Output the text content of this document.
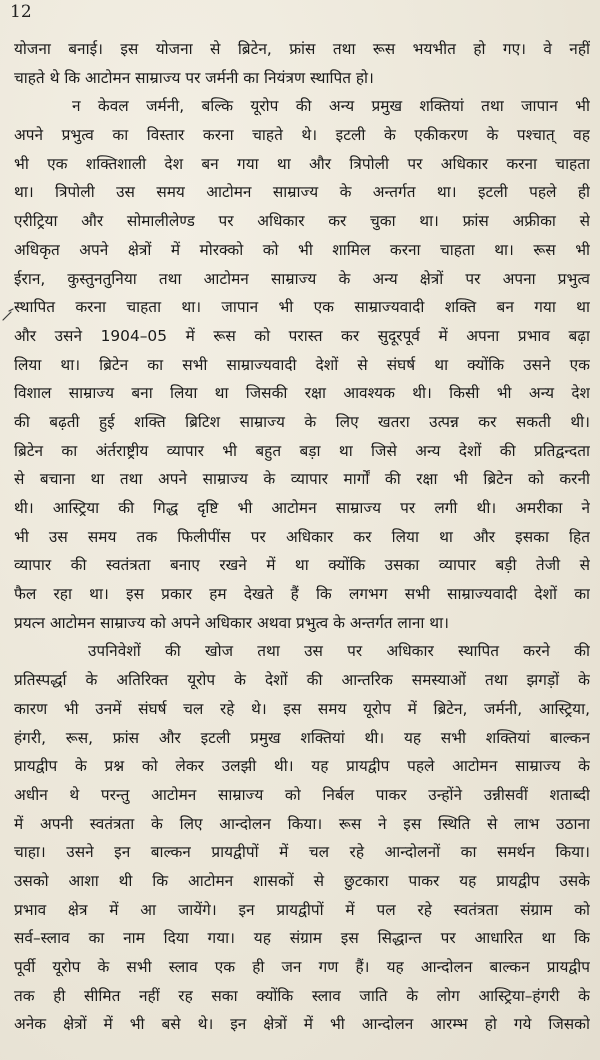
12
योजना बनाई। इस योजना से ब्रिटेन, फ्रांस तथा रूस भयभीत हो गए। वे नहीं
चाहते थे कि आटोमन साम्राज्य पर जर्मनी का नियंत्रण स्थापित हो।
न केवल जर्मनी, बल्कि यूरोप की अन्य प्रमुख शक्तियां तथा जापान भी
अपने प्रभुत्व का विस्तार करना चाहते थे। इटली के एकीकरण के पश्चात् वह
भी एक शक्तिशाली देश बन गया था और त्रिपोली पर अधिकार करना चाहता
था। त्रिपोली उस समय आटोमन साम्राज्य के अन्तर्गत था। इटली पहले ही
एरीट्रिया और सोमालीलेण्ड पर अधिकार कर चुका था। फ्रांस अफ्रीका से
अधिकृत अपने क्षेत्रों में मोरक्को को भी शामिल करना चाहता था। रूस भी
ईरान, कुस्तुनतुनिया तथा आटोमन साम्राज्य के अन्य क्षेत्रों पर अपना प्रभुत्व
स्थापित करना चाहता था। जापान भी एक साम्राज्यवादी शक्ति बन गया था
और उसने 1904–05 में रूस को परास्त कर सुदूरपूर्व में अपना प्रभाव बढ़ा
लिया था। ब्रिटेन का सभी साम्राज्यवादी देशों से संघर्ष था क्योंकि उसने एक
विशाल साम्राज्य बना लिया था जिसकी रक्षा आवश्यक थी। किसी भी अन्य देश
की बढ़ती हुई शक्ति ब्रिटिश साम्राज्य के लिए खतरा उत्पन्न कर सकती थी।
ब्रिटेन का अंर्तराष्ट्रीय व्यापार भी बहुत बड़ा था जिसे अन्य देशों की प्रतिद्वन्दता
से बचाना था तथा अपने साम्राज्य के व्यापार मार्गों की रक्षा भी ब्रिटेन को करनी
थी। आस्ट्रिया की गिद्ध दृष्टि भी आटोमन साम्राज्य पर लगी थी। अमरीका ने
भी उस समय तक फिलीपींस पर अधिकार कर लिया था और इसका हित
व्यापार की स्वतंत्रता बनाए रखने में था क्योंकि उसका व्यापार बड़ी तेजी से
फैल रहा था। इस प्रकार हम देखते हैं कि लगभग सभी साम्राज्यवादी देशों का
प्रयत्न आटोमन साम्राज्य को अपने अधिकार अथवा प्रभुत्व के अन्तर्गत लाना था।
उपनिवेशों की खोज तथा उस पर अधिकार स्थापित करने की
प्रतिस्पर्द्धा के अतिरिक्त यूरोप के देशों की आन्तरिक समस्याओं तथा झगड़ों के
कारण भी उनमें संघर्ष चल रहे थे। इस समय यूरोप में ब्रिटेन, जर्मनी, आस्ट्रिया,
हंगरी, रूस, फ्रांस और इटली प्रमुख शक्तियां थी। यह सभी शक्तियां बाल्कन
प्रायद्वीप के प्रश्न को लेकर उलझी थी। यह प्रायद्वीप पहले आटोमन साम्राज्य के
अधीन थे परन्तु आटोमन साम्राज्य को निर्बल पाकर उन्होंने उन्नीसवीं शताब्दी
में अपनी स्वतंत्रता के लिए आन्दोलन किया। रूस ने इस स्थिति से लाभ उठाना
चाहा। उसने इन बाल्कन प्रायद्वीपों में चल रहे आन्दोलनों का समर्थन किया।
उसको आशा थी कि आटोमन शासकों से छुटकारा पाकर यह प्रायद्वीप उसके
प्रभाव क्षेत्र में आ जायेंगे। इन प्रायद्वीपों में पल रहे स्वतंत्रता संग्राम को
सर्व–स्लाव का नाम दिया गया। यह संग्राम इस सिद्धान्त पर आधारित था कि
पूर्वी यूरोप के सभी स्लाव एक ही जन गण हैं। यह आन्दोलन बाल्कन प्रायद्वीप
तक ही सीमित नहीं रह सका क्योंकि स्लाव जाति के लोग आस्ट्रिया–हंगरी के
अनेक क्षेत्रों में भी बसे थे। इन क्षेत्रों में भी आन्दोलन आरम्भ हो गये जिसको
